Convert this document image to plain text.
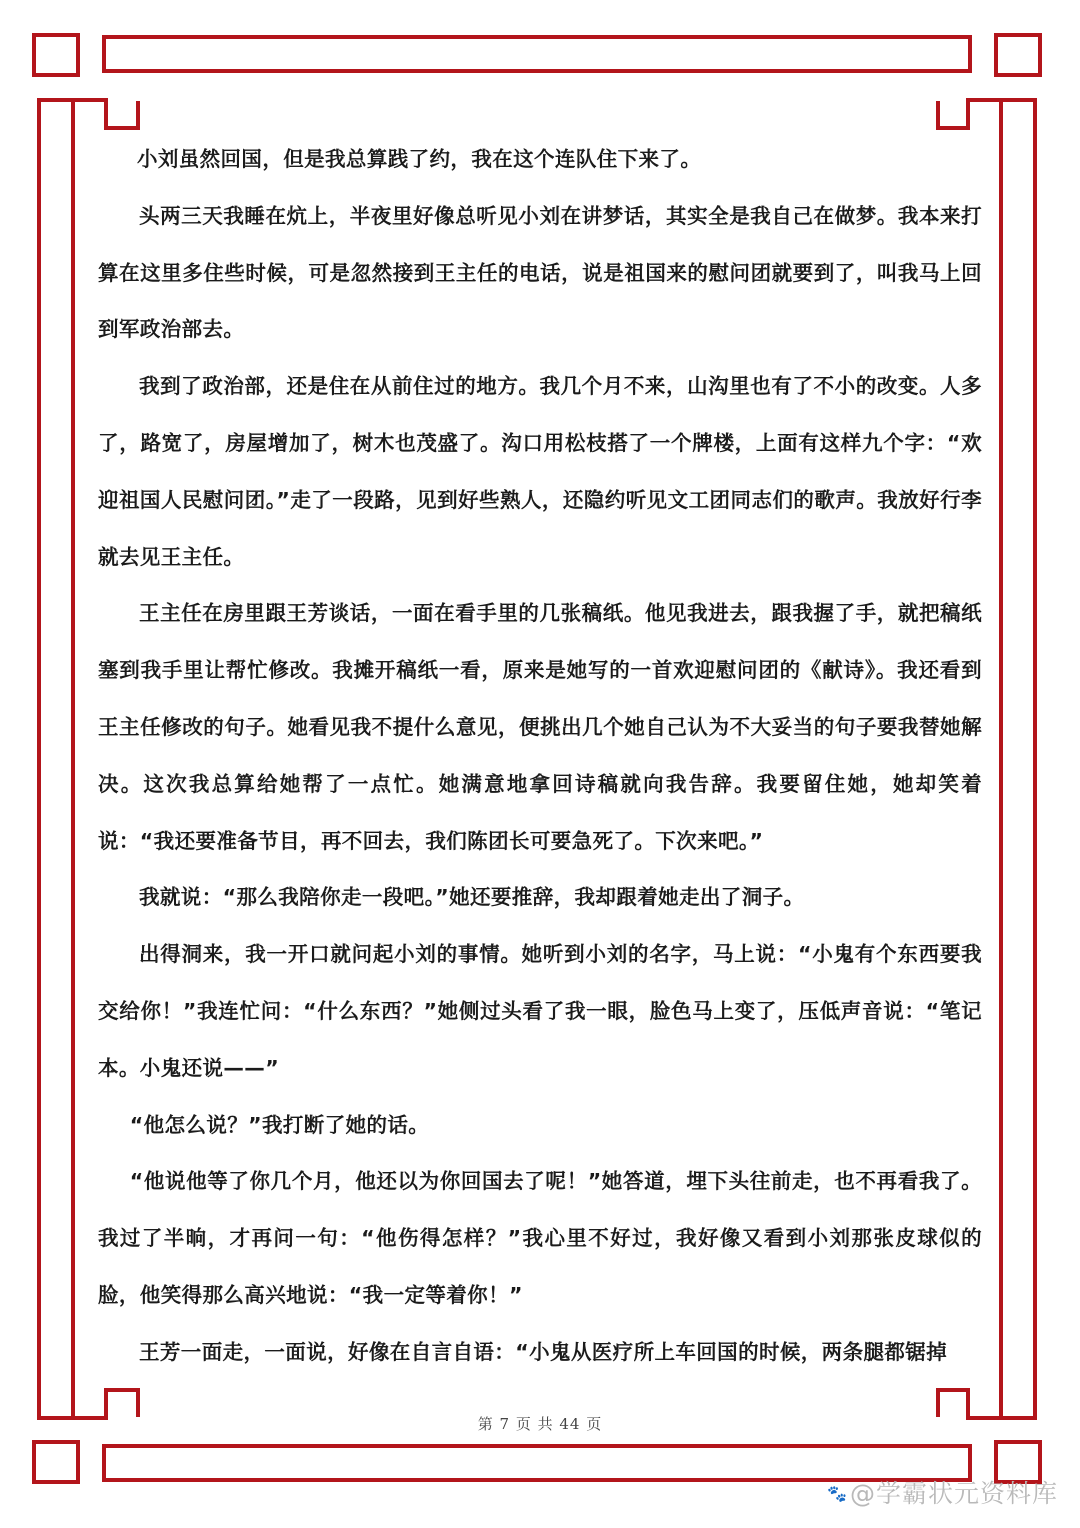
小刘虽然回国，但是我总算践了约，我在这个连队住下来了。

头两三天我睡在炕上，半夜里好像总听见小刘在讲梦话，其实全是我自己在做梦。我本来打算在这里多住些时候，可是忽然接到王主任的电话，说是祖国来的慰问团就要到了，叫我马上回到军政治部去。

我到了政治部，还是住在从前住过的地方。我几个月不来，山沟里也有了不小的改变。人多了，路宽了，房屋增加了，树木也茂盛了。沟口用松枝搭了一个牌楼，上面有这样九个字：“欢迎祖国人民慰问团。”走了一段路，见到好些熟人，还隐约听见文工团同志们的歌声。我放好行李就去见王主任。

王主任在房里跟王芳谈话，一面在看手里的几张稿纸。他见我进去，跟我握了手，就把稿纸塞到我手里让帮忙修改。我摊开稿纸一看，原来是她写的一首欢迎慰问团的《献诗》。我还看到王主任修改的句子。她看见我不提什么意见，便挑出几个她自己认为不大妥当的句子要我替她解决。这次我总算给她帮了一点忙。她满意地拿回诗稿就向我告辞。我要留住她，她却笑着说：“我还要准备节目，再不回去，我们陈团长可要急死了。下次来吧。”

我就说：“那么我陪你走一段吧。”她还要推辞，我却跟着她走出了洞子。

出得洞来，我一开口就问起小刘的事情。她听到小刘的名字，马上说：“小鬼有个东西要我交给你！”我连忙问：“什么东西？”她侧过头看了我一眼，脸色马上变了，压低声音说：“笔记本。小鬼还说——”

“他怎么说？”我打断了她的话。

“他说他等了你几个月，他还以为你回国去了呢！”她答道，埋下头往前走，也不再看我了。我过了半晌，才再问一句：“他伤得怎样？”我心里不好过，我好像又看到小刘那张皮球似的脸，他笑得那么高兴地说：“我一定等着你！”

王芳一面走，一面说，好像在自言自语：“小鬼从医疗所上车回国的时候，两条腿都锯掉

第 7 页 共 44 页
🐾@学霸状元资料库
